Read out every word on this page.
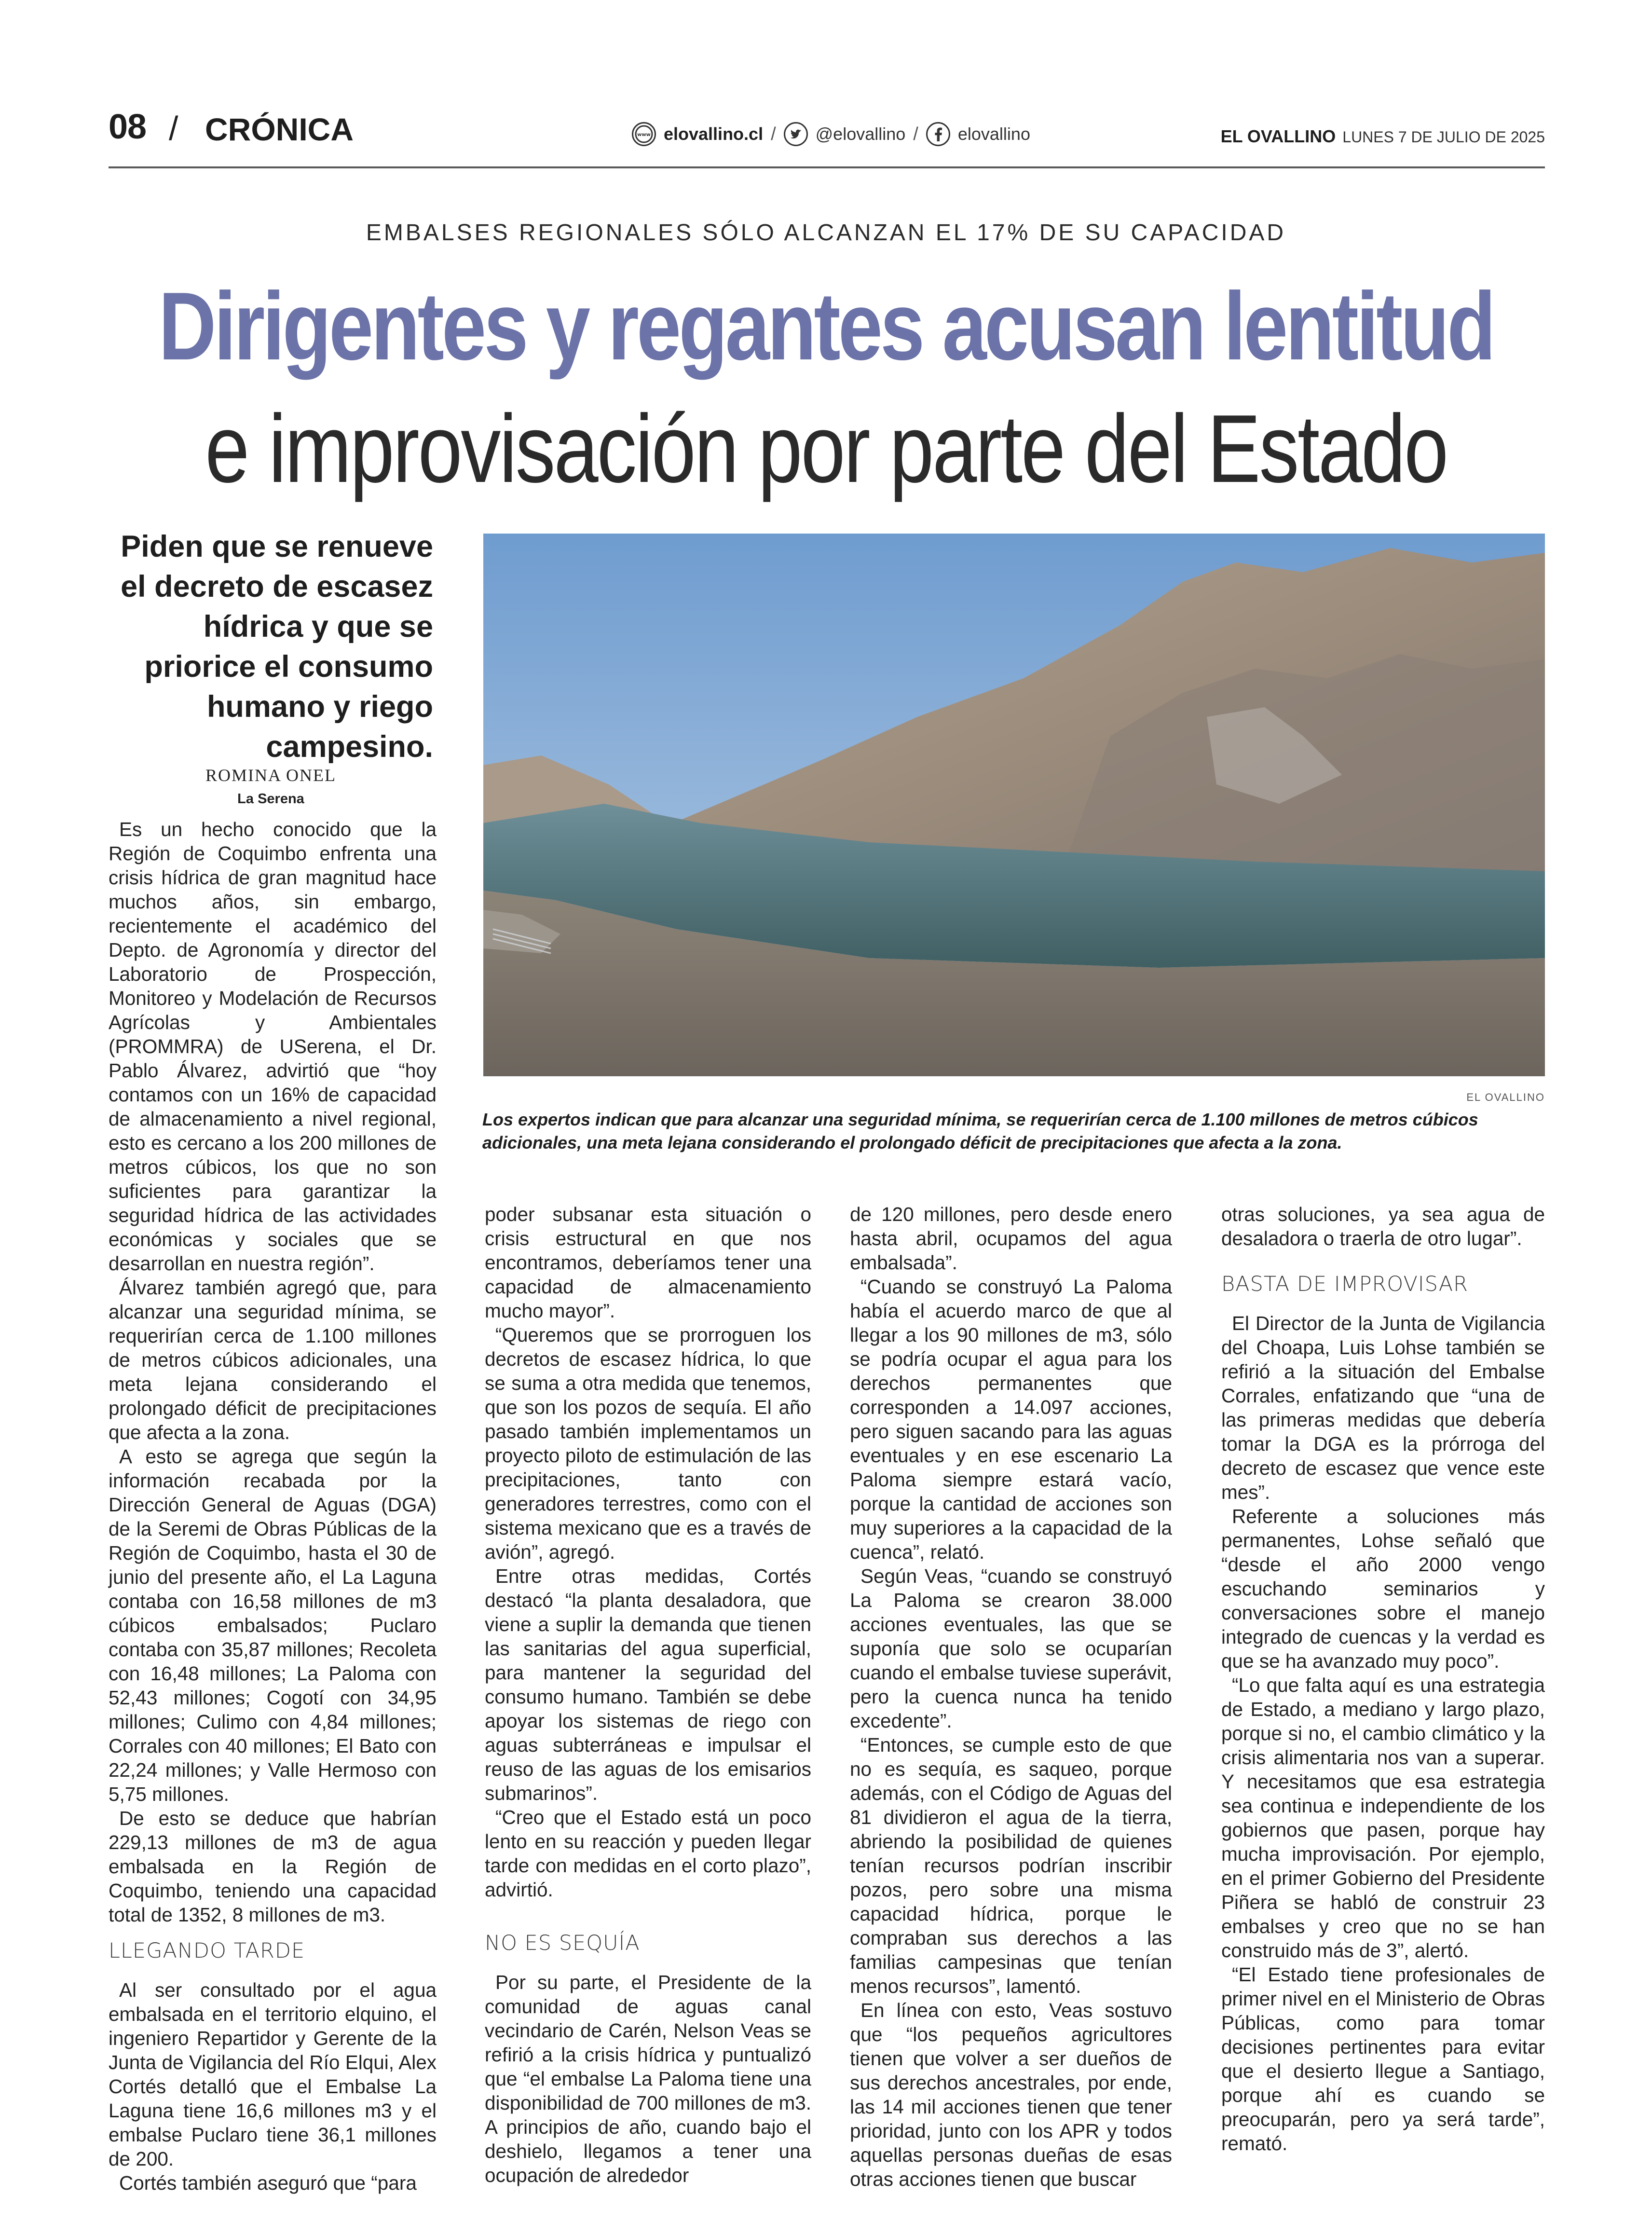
08 / CRÓNICA	www elovallino.cl / @elovallino / elovallino	EL OVALLINO LUNES 7 DE JULIO DE 2025
EMBALSES REGIONALES SÓLO ALCANZAN EL 17% DE SU CAPACIDAD
Dirigentes y regantes acusan lentitud
e improvisación por parte del Estado
Piden que se renueve el decreto de escasez hídrica y que se priorice el consumo humano y riego campesino.
ROMINA ONEL
La Serena
EL OVALLINO
Los expertos indican que para alcanzar una seguridad mínima, se requerirían cerca de 1.100 millones de metros cúbicos adicionales, una meta lejana considerando el prolongado déficit de precipitaciones que afecta a la zona.

Es un hecho conocido que la Región de Coquimbo enfrenta una crisis hídrica de gran magnitud hace muchos años, sin embargo, recientemente el académico del Depto. de Agronomía y director del Laboratorio de Prospección, Monitoreo y Modelación de Recursos Agrícolas y Ambientales (PROMMRA) de USerena, el Dr. Pablo Álvarez, advirtió que “hoy contamos con un 16% de capacidad de almacenamiento a nivel regional, esto es cercano a los 200 millones de metros cúbicos, los que no son suficientes para garantizar la seguridad hídrica de las actividades económicas y sociales que se desarrollan en nuestra región”.

Álvarez también agregó que, para alcanzar una seguridad mínima, se requerirían cerca de 1.100 millones de metros cúbicos adicionales, una meta lejana considerando el prolongado déficit de precipitaciones que afecta a la zona.

A esto se agrega que según la información recabada por la Dirección General de Aguas (DGA) de la Seremi de Obras Públicas de la Región de Coquimbo, hasta el 30 de junio del presente año, el La Laguna contaba con 16,58 millones de m3 cúbicos embalsados; Puclaro contaba con 35,87 millones; Recoleta con 16,48 millones; La Paloma con 52,43 millones; Cogotí con 34,95 millones; Culimo con 4,84 millones; Corrales con 40 millones; El Bato con 22,24 millones; y Valle Hermoso con 5,75 millones.

De esto se deduce que habrían 229,13 millones de m3 de agua embalsada en la Región de Coquimbo, teniendo una capacidad total de 1352, 8 millones de m3.

LLEGANDO TARDE

Al ser consultado por el agua embalsada en el territorio elquino, el ingeniero Repartidor y Gerente de la Junta de Vigilancia del Río Elqui, Alex Cortés detalló que el Embalse La Laguna tiene 16,6 millones m3 y el embalse Puclaro tiene 36,1 millones de 200.

Cortés también aseguró que “para

poder subsanar esta situación o crisis estructural en que nos encontramos, deberíamos tener una capacidad de almacenamiento mucho mayor”.

“Queremos que se prorroguen los decretos de escasez hídrica, lo que se suma a otra medida que tenemos, que son los pozos de sequía. El año pasado también implementamos un proyecto piloto de estimulación de las precipitaciones, tanto con generadores terrestres, como con el sistema mexicano que es a través de avión”, agregó.

Entre otras medidas, Cortés destacó “la planta desaladora, que viene a suplir la demanda que tienen las sanitarias del agua superficial, para mantener la seguridad del consumo humano. También se debe apoyar los sistemas de riego con aguas subterráneas e impulsar el reuso de las aguas de los emisarios submarinos”.

“Creo que el Estado está un poco lento en su reacción y pueden llegar tarde con medidas en el corto plazo”, advirtió.

NO ES SEQUÍA

Por su parte, el Presidente de la comunidad de aguas canal vecindario de Carén, Nelson Veas se refirió a la crisis hídrica y puntualizó que “el embalse La Paloma tiene una disponibilidad de 700 millones de m3. A principios de año, cuando bajo el deshielo, llegamos a tener una ocupación de alrededor

de 120 millones, pero desde enero hasta abril, ocupamos del agua embalsada”.

“Cuando se construyó La Paloma había el acuerdo marco de que al llegar a los 90 millones de m3, sólo se podría ocupar el agua para los derechos permanentes que corresponden a 14.097 acciones, pero siguen sacando para las aguas eventuales y en ese escenario La Paloma siempre estará vacío, porque la cantidad de acciones son muy superiores a la capacidad de la cuenca”, relató.

Según Veas, “cuando se construyó La Paloma se crearon 38.000 acciones eventuales, las que se suponía que solo se ocuparían cuando el embalse tuviese superávit, pero la cuenca nunca ha tenido excedente”.

“Entonces, se cumple esto de que no es sequía, es saqueo, porque además, con el Código de Aguas del 81 dividieron el agua de la tierra, abriendo la posibilidad de quienes tenían recursos podrían inscribir pozos, pero sobre una misma capacidad hídrica, porque le compraban sus derechos a las familias campesinas que tenían menos recursos”, lamentó.

En línea con esto, Veas sostuvo que “los pequeños agricultores tienen que volver a ser dueños de sus derechos ancestrales, por ende, las 14 mil acciones tienen que tener prioridad, junto con los APR y todos aquellas personas dueñas de esas otras acciones tienen que buscar

otras soluciones, ya sea agua de desaladora o traerla de otro lugar”.

BASTA DE IMPROVISAR

El Director de la Junta de Vigilancia del Choapa, Luis Lohse también se refirió a la situación del Embalse Corrales, enfatizando que “una de las primeras medidas que debería tomar la DGA es la prórroga del decreto de escasez que vence este mes”.

Referente a soluciones más permanentes, Lohse señaló que “desde el año 2000 vengo escuchando seminarios y conversaciones sobre el manejo integrado de cuencas y la verdad es que se ha avanzado muy poco”.

“Lo que falta aquí es una estrategia de Estado, a mediano y largo plazo, porque si no, el cambio climático y la crisis alimentaria nos van a superar. Y necesitamos que esa estrategia sea continua e independiente de los gobiernos que pasen, porque hay mucha improvisación. Por ejemplo, en el primer Gobierno del Presidente Piñera se habló de construir 23 embalses y creo que no se han construido más de 3”, alertó.

“El Estado tiene profesionales de primer nivel en el Ministerio de Obras Públicas, como para tomar decisiones pertinentes para evitar que el desierto llegue a Santiago, porque ahí es cuando se preocuparán, pero ya será tarde”, remató.
